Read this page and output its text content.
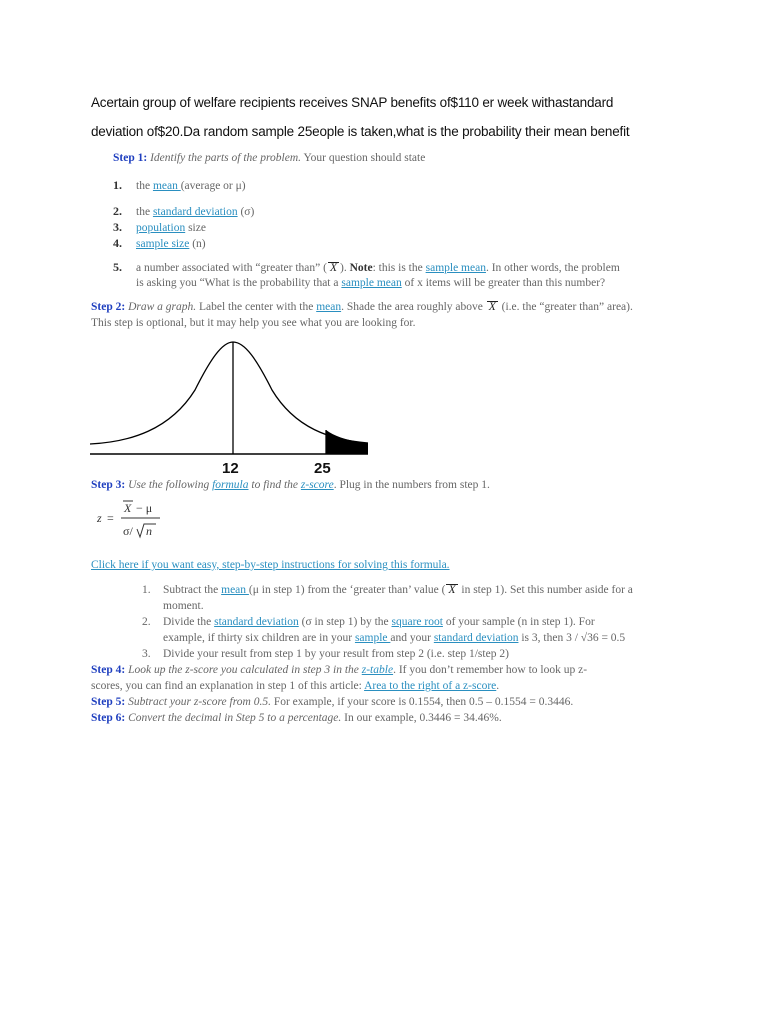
Acertain group of welfare recipients receives SNAP benefits of$110 er week withastandard
deviation of$20.Da random sample 25eople is taken,what is the probability their mean benefit
Step 1: Identify the parts of the problem. Your question should state
1. the mean (average or μ)
2. the standard deviation (σ)
3. population size
4. sample size (n)
5. a number associated with “greater than” ( X ). Note: this is the sample mean. In other words, the problem
is asking you “What is the probability that a sample mean of x items will be greater than this number?
Step 2: Draw a graph. Label the center with the mean. Shade the area roughly above X (i.e. the “greater than” area).
This step is optional, but it may help you see what you are looking for.
12	25
Step 3: Use the following formula to find the z-score. Plug in the numbers from step 1.
z =
X − μ
σ/ n
Click here if you want easy, step-by-step instructions for solving this formula.
1. Subtract the mean (μ in step 1) from the ‘greater than’ value ( X in step 1). Set this number aside for a
moment.
2. Divide the standard deviation (σ in step 1) by the square root of your sample (n in step 1). For
example, if thirty six children are in your sample and your standard deviation is 3, then 3 / √36 = 0.5
3. Divide your result from step 1 by your result from step 2 (i.e. step 1/step 2)
Step 4: Look up the z-score you calculated in step 3 in the z-table. If you don’t remember how to look up z-
scores, you can find an explanation in step 1 of this article: Area to the right of a z-score.
Step 5: Subtract your z-score from 0.5. For example, if your score is 0.1554, then 0.5 – 0.1554 = 0.3446.
Step 6: Convert the decimal in Step 5 to a percentage. In our example, 0.3446 = 34.46%.
